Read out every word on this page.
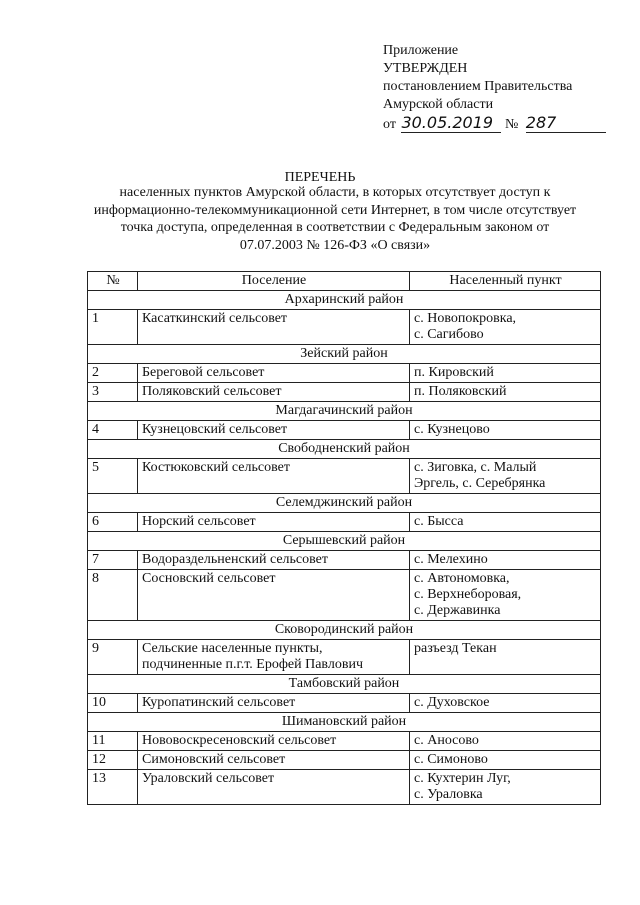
Приложение
УТВЕРЖДЕН
постановлением Правительства
Амурской области
от 30.05.2019 № 287
ПЕРЕЧЕНЬ
населенных пунктов Амурской области, в которых отсутствует доступ к информационно-телекоммуникационной сети Интернет, в том числе отсутствует точка доступа, определенная в соответствии с Федеральным законом от 07.07.2003 № 126-ФЗ «О связи»
№	Поселение	Населенный пункт
Архаринский район		
1	Касаткинский сельсовет	с. Новопокровка,
с. Сагибово

Зейский район		
2	Береговой сельсовет	п. Кировский

3	Поляковский сельсовет	п. Поляковский

Магдагачинский район		
4	Кузнецовский сельсовет	с. Кузнецово

Свободненский район		
5	Костюковский сельсовет	с. Зиговка, с. Малый
Эргель, с. Серебрянка

Селемджинский район		
6	Норский сельсовет	с. Бысса

Серышевский район		
7	Водораздельненский сельсовет	с. Мелехино

8	Сосновский сельсовет	с. Автономовка,
с. Верхнеборовая,
с. Державинка

Сковородинский район		
9	Сельские населенные пункты, подчиненные п.г.т. Ерофей Павлович	разъезд Текан

Тамбовский район		
10	Куропатинский сельсовет	с. Духовское

Шимановский район		
11	Нововоскресеновский сельсовет	с. Аносово

12	Симоновский сельсовет	с. Симоново

13	Ураловский сельсовет	с. Кухтерин Луг,
с. Ураловка
